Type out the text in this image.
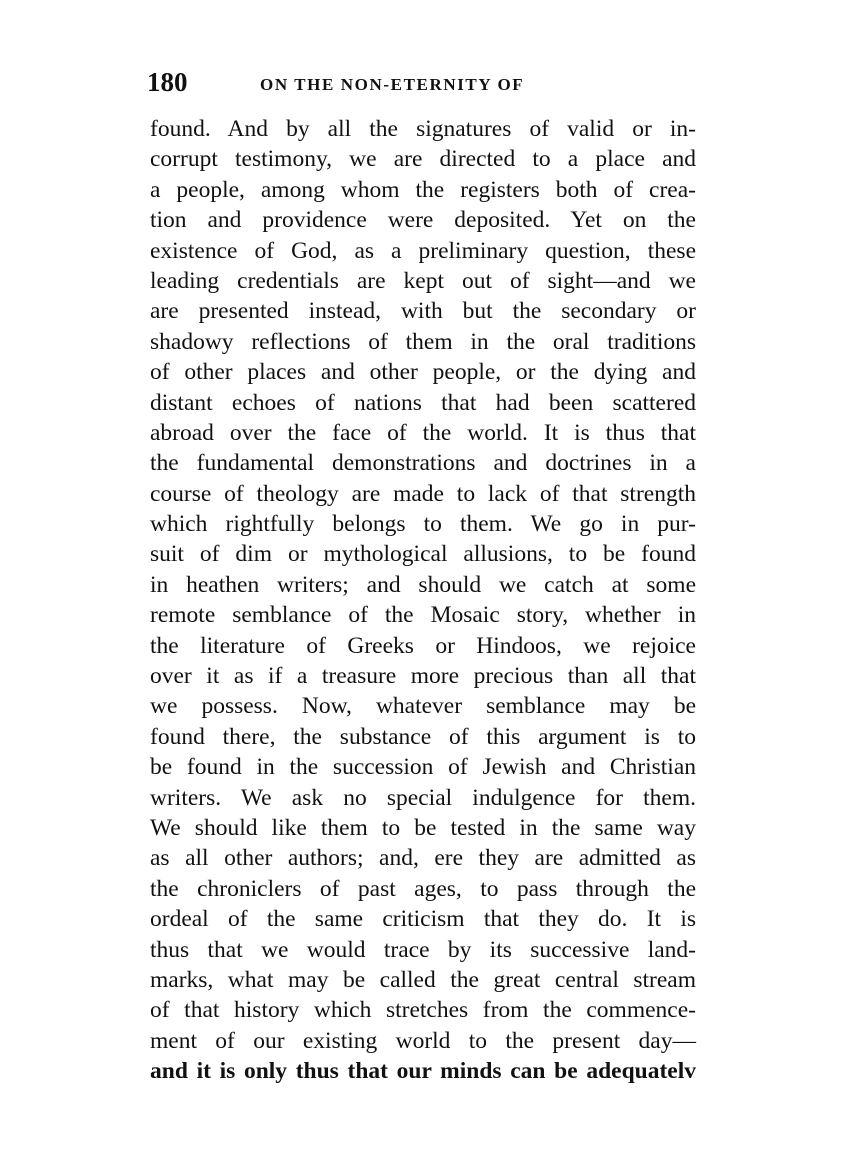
180	ON THE NON-ETERNITY OF
found. And by all the signatures of valid or in-
corrupt testimony, we are directed to a place and
a people, among whom the registers both of crea-
tion and providence were deposited. Yet on the
existence of God, as a preliminary question, these
leading credentials are kept out of sight—and we
are presented instead, with but the secondary or
shadowy reflections of them in the oral traditions
of other places and other people, or the dying and
distant echoes of nations that had been scattered
abroad over the face of the world. It is thus that
the fundamental demonstrations and doctrines in a
course of theology are made to lack of that strength
which rightfully belongs to them. We go in pur-
suit of dim or mythological allusions, to be found
in heathen writers; and should we catch at some
remote semblance of the Mosaic story, whether in
the literature of Greeks or Hindoos, we rejoice
over it as if a treasure more precious than all that
we possess. Now, whatever semblance may be
found there, the substance of this argument is to
be found in the succession of Jewish and Christian
writers. We ask no special indulgence for them.
We should like them to be tested in the same way
as all other authors; and, ere they are admitted as
the chroniclers of past ages, to pass through the
ordeal of the same criticism that they do. It is
thus that we would trace by its successive land-
marks, what may be called the great central stream
of that history which stretches from the commence-
ment of our existing world to the present day—
and it is only thus that our minds can be adequatelv
